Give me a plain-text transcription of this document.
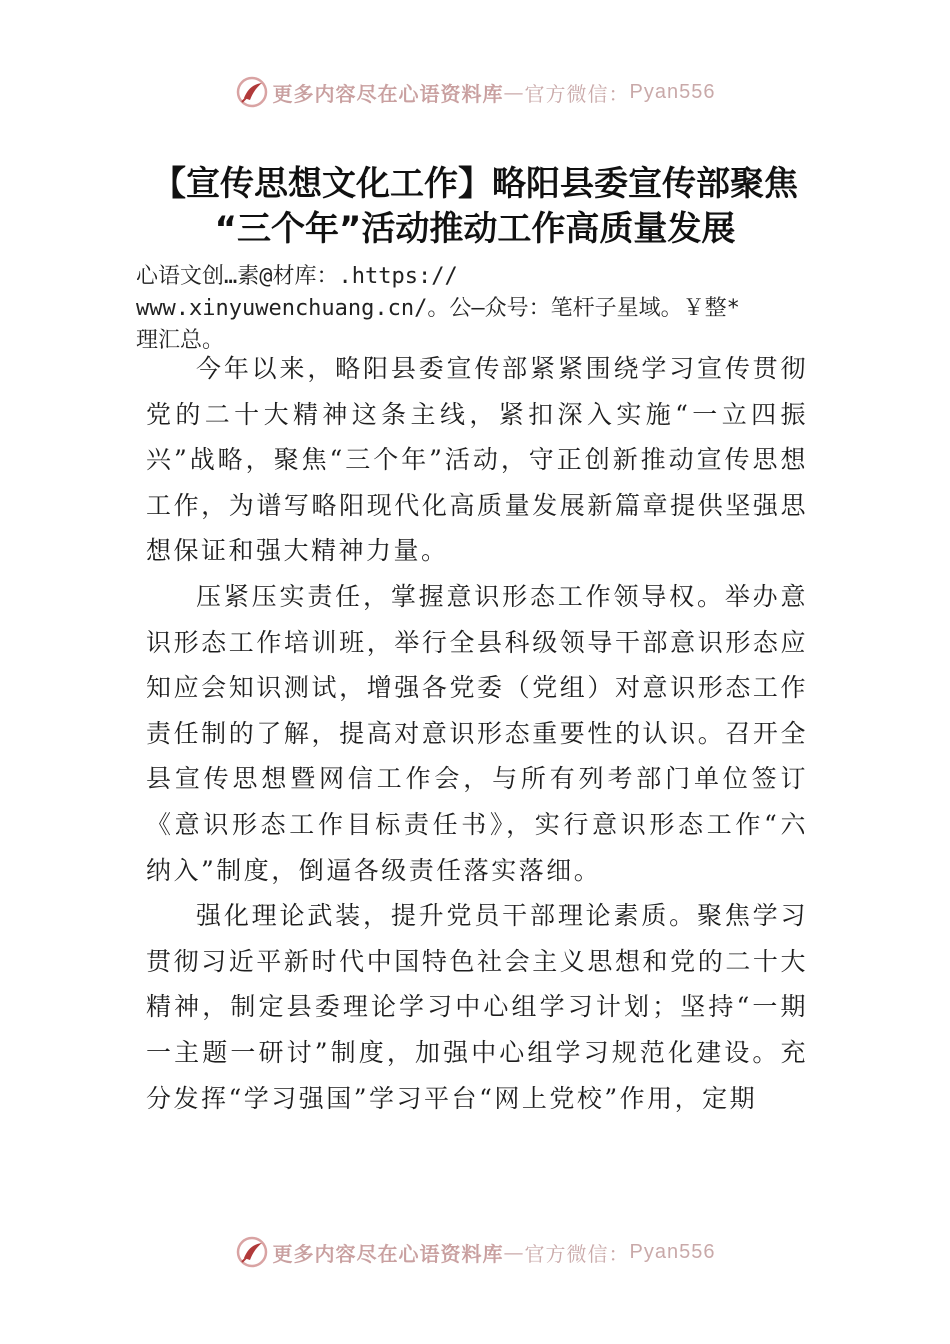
更多内容尽在心语资料库 — 官方微信： Pyan556
【宣传思想文化工作】略阳县委宣传部聚焦
“三个年”活动推动工作高质量发展
心语文创…素@材库：.https://
www.xinyuwenchuang.cn/。公—众号：笔杆子星域。￥整*
理汇总。

今年以来，略阳县委宣传部紧紧围绕学习宣传贯彻党的二十大精神这条主线，紧扣深入实施“一立四振兴”战略，聚焦“三个年”活动，守正创新推动宣传思想工作，为谱写略阳现代化高质量发展新篇章提供坚强思想保证和强大精神力量。

压紧压实责任，掌握意识形态工作领导权。举办意识形态工作培训班，举行全县科级领导干部意识形态应知应会知识测试，增强各党委（党组）对意识形态工作责任制的了解，提高对意识形态重要性的认识。召开全县宣传思想暨网信工作会，与所有列考部门单位签订《意识形态工作目标责任书》，实行意识形态工作“六纳入”制度，倒逼各级责任落实落细。

强化理论武装，提升党员干部理论素质。聚焦学习贯彻习近平新时代中国特色社会主义思想和党的二十大精神，制定县委理论学习中心组学习计划；坚持“一期一主题一研讨”制度，加强中心组学习规范化建设。充分发挥“学习强国”学习平台“网上党校”作用，定期

更多内容尽在心语资料库 — 官方微信： Pyan556
